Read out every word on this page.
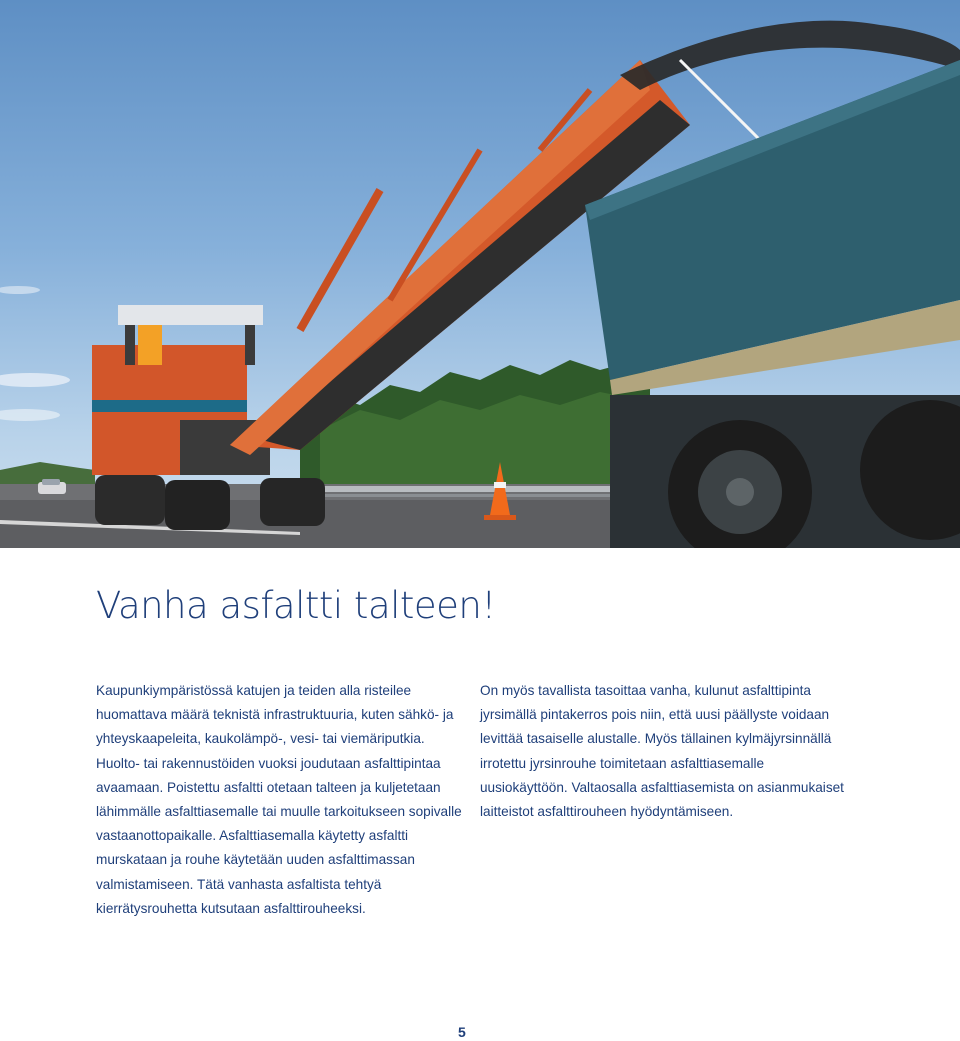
Vanha asfaltti talteen!

Kaupunkiympäristössä katujen ja teiden alla risteilee huomattava määrä teknistä infrastruktuuria, kuten sähkö- ja yhteyskaapeleita, kaukolämpö-, vesi- tai viemäriputkia. Huolto- tai rakennustöiden vuoksi joudutaan asfalttipintaa avaamaan. Poistettu asfaltti otetaan talteen ja kuljetetaan lähimmälle asfalttiasemalle tai muulle tarkoitukseen sopivalle vastaanottopaikalle. Asfalttiasemalla käytetty asfaltti murskataan ja rouhe käytetään uuden asfalttimassan valmistamiseen. Tätä vanhasta asfaltista tehtyä kierrätysrouhetta kutsutaan asfalttirouheeksi.

On myös tavallista tasoittaa vanha, kulunut asfalttipinta jyrsimällä pintakerros pois niin, että uusi päällyste voidaan levittää tasaiselle alustalle. Myös tällainen kylmäjyrsinnällä irrotettu jyrsinrouhe toimitetaan asfalttiasemalle uusiokäyttöön. Valtaosalla asfalttiasemista on asianmukaiset laitteistot asfalttirouheen hyödyntämiseen.

5
